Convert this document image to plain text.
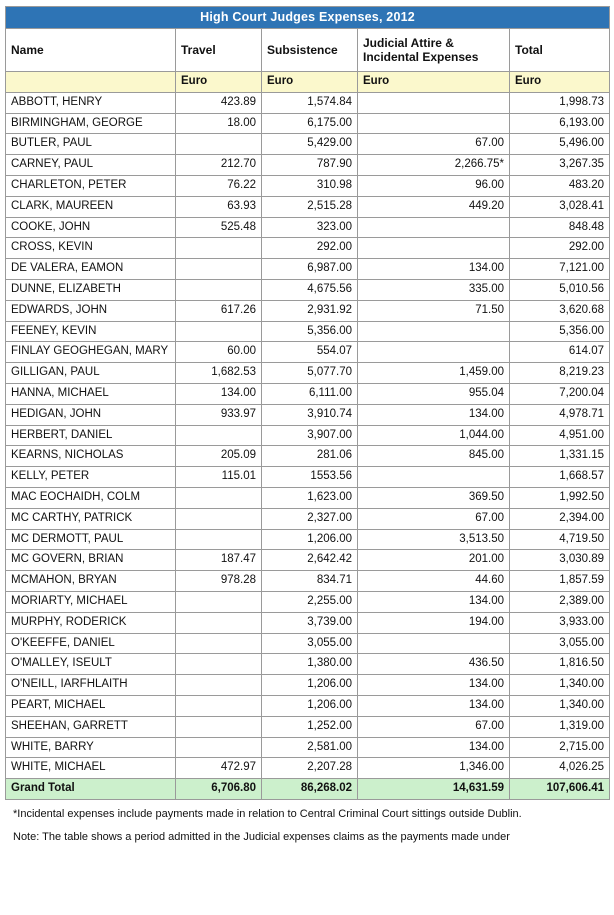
High Court Judges Expenses, 2012				
Name	Travel	Subsistence	Judicial Attire & Incidental Expenses	Total
	Euro	Euro	Euro	Euro
ABBOTT, HENRY	423.89	1,574.84		1,998.73
BIRMINGHAM, GEORGE	18.00	6,175.00		6,193.00
BUTLER, PAUL		5,429.00	67.00	5,496.00
CARNEY, PAUL	212.70	787.90	2,266.75*	3,267.35
CHARLETON, PETER	76.22	310.98	96.00	483.20
CLARK, MAUREEN	63.93	2,515.28	449.20	3,028.41
COOKE, JOHN	525.48	323.00		848.48
CROSS, KEVIN		292.00		292.00
DE VALERA, EAMON		6,987.00	134.00	7,121.00
DUNNE, ELIZABETH		4,675.56	335.00	5,010.56
EDWARDS, JOHN	617.26	2,931.92	71.50	3,620.68
FEENEY, KEVIN		5,356.00		5,356.00
FINLAY GEOGHEGAN, MARY	60.00	554.07		614.07
GILLIGAN, PAUL	1,682.53	5,077.70	1,459.00	8,219.23
HANNA, MICHAEL	134.00	6,111.00	955.04	7,200.04
HEDIGAN, JOHN	933.97	3,910.74	134.00	4,978.71
HERBERT, DANIEL		3,907.00	1,044.00	4,951.00
KEARNS, NICHOLAS	205.09	281.06	845.00	1,331.15
KELLY, PETER	115.01	1553.56		1,668.57
MAC EOCHAIDH, COLM		1,623.00	369.50	1,992.50
MC CARTHY, PATRICK		2,327.00	67.00	2,394.00
MC DERMOTT, PAUL		1,206.00	3,513.50	4,719.50
MC GOVERN, BRIAN	187.47	2,642.42	201.00	3,030.89
MCMAHON, BRYAN	978.28	834.71	44.60	1,857.59
MORIARTY, MICHAEL		2,255.00	134.00	2,389.00
MURPHY, RODERICK		3,739.00	194.00	3,933.00
O'KEEFFE, DANIEL		3,055.00		3,055.00
O'MALLEY, ISEULT		1,380.00	436.50	1,816.50
O'NEILL, IARFHLAITH		1,206.00	134.00	1,340.00
PEART, MICHAEL		1,206.00	134.00	1,340.00
SHEEHAN, GARRETT		1,252.00	67.00	1,319.00
WHITE, BARRY		2,581.00	134.00	2,715.00
WHITE, MICHAEL	472.97	2,207.28	1,346.00	4,026.25
Grand Total	6,706.80	86,268.02	14,631.59	107,606.41
*Incidental expenses include payments made in relation to Central Criminal Court sittings outside Dublin.
Note: The table shows a period admitted in the Judicial expenses claims as the payments made under
